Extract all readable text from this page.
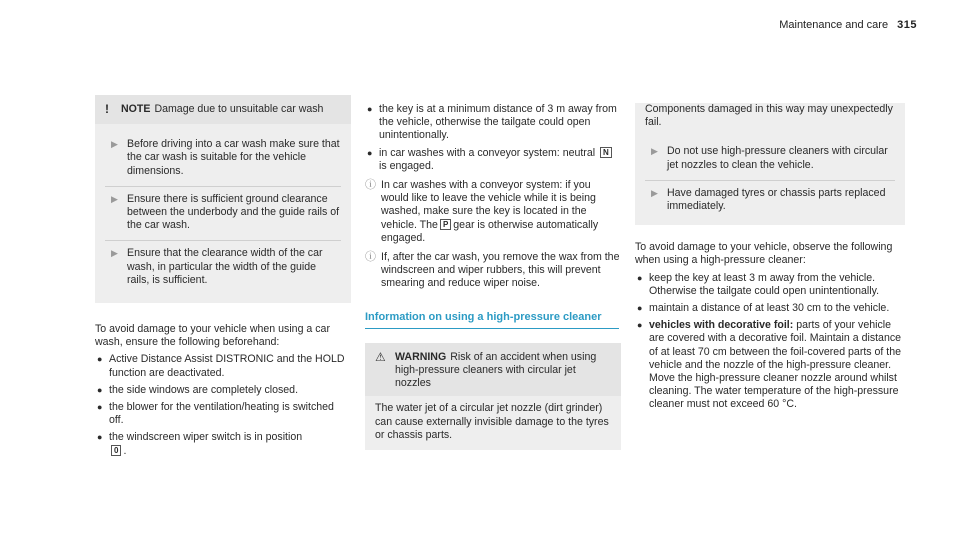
Maintenance and care 315
!	NOTE Damage due to unsuitable car wash
▶ Before driving into a car wash make sure that the car wash is suitable for the vehicle dimensions.
▶ Ensure there is sufficient ground clearance between the underbody and the guide rails of the car wash.
▶ Ensure that the clearance width of the car wash, in particular the width of the guide rails, is sufficient.

To avoid damage to your vehicle when using a car wash, ensure the following beforehand:

● Active Distance Assist DISTRONIC and the HOLD function are deactivated.
● the side windows are completely closed.
● the blower for the ventilation/heating is switched off.
● the windscreen wiper switch is in position
0 .
● the key is at a minimum distance of 3 m away from the vehicle, otherwise the tailgate could open unintentionally.
● in car washes with a conveyor system: neutral Nis engaged.
ⓘ In car washes with a conveyor system: if you would like to leave the vehicle while it is being washed, make sure the key is located in the vehicle. The P gear is otherwise automatically engaged.
ⓘ If, after the car wash, you remove the wax from the windscreen and wiper rubbers, this will prevent smearing and reduce wiper noise.
Information on using a high-pressure cleaner
⚠ WARNING Risk of an accident when using high-pressure cleaners with circular jet nozzles
The water jet of a circular jet nozzle (dirt grinder) can cause externally invisible damage to the tyres or chassis parts.
Components damaged in this way may unexpectedly fail.
▶ Do not use high-pressure cleaners with circular jet nozzles to clean the vehicle.
▶ Have damaged tyres or chassis parts replaced immediately.

To avoid damage to your vehicle, observe the following when using a high-pressure cleaner:

● keep the key at least 3 m away from the vehicle. Otherwise the tailgate could open unintentionally.
● maintain a distance of at least 30 cm to the vehicle.
● vehicles with decorative foil: parts of your vehicle are covered with a decorative foil. Maintain a distance of at least 70 cm between the foil-covered parts of the vehicle and the nozzle of the high-pressure cleaner. Move the high-pressure cleaner nozzle around whilst cleaning. The water temperature of the high-pressure cleaner must not exceed 60 °C.
